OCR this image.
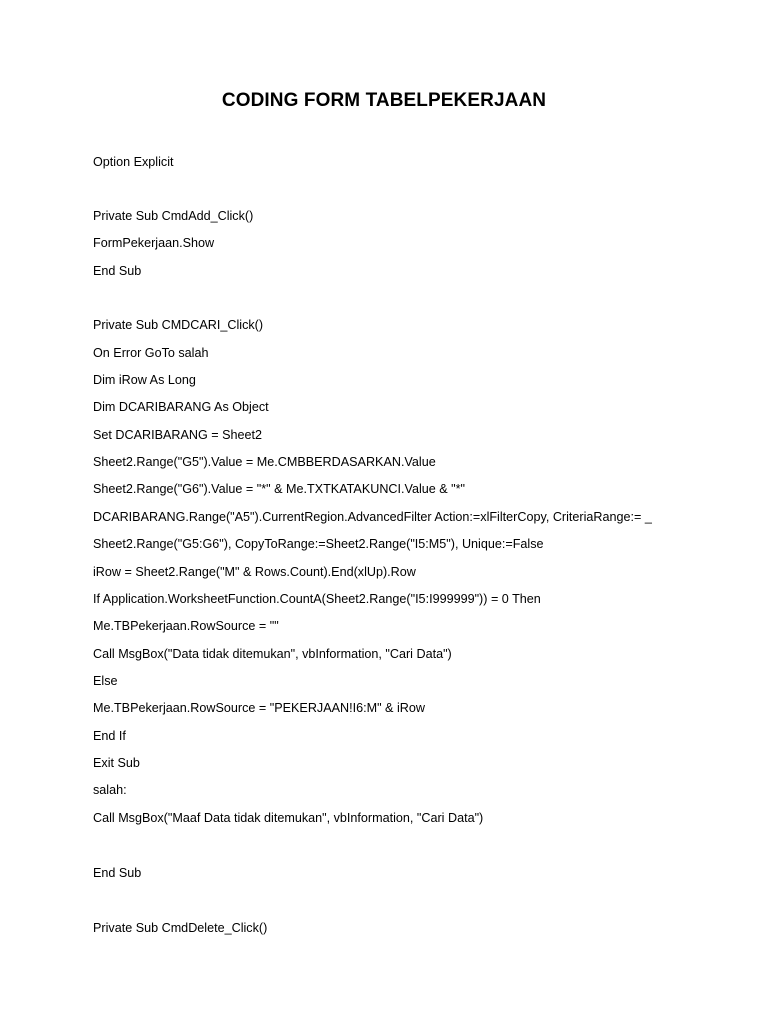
CODING FORM TABELPEKERJAAN
Option Explicit
Private Sub CmdAdd_Click()
FormPekerjaan.Show
End Sub
Private Sub CMDCARI_Click()
On Error GoTo salah
Dim iRow As Long
Dim DCARIBARANG As Object
Set DCARIBARANG = Sheet2
Sheet2.Range("G5").Value = Me.CMBBERDASARKAN.Value
Sheet2.Range("G6").Value = "*" & Me.TXTKATAKUNCI.Value & "*"
DCARIBARANG.Range("A5").CurrentRegion.AdvancedFilter Action:=xlFilterCopy, CriteriaRange:= _
Sheet2.Range("G5:G6"), CopyToRange:=Sheet2.Range("I5:M5"), Unique:=False
iRow = Sheet2.Range("M" & Rows.Count).End(xlUp).Row
If Application.WorksheetFunction.CountA(Sheet2.Range("I5:I999999")) = 0 Then
Me.TBPekerjaan.RowSource = ""
Call MsgBox("Data tidak ditemukan", vbInformation, "Cari Data")
Else
Me.TBPekerjaan.RowSource = "PEKERJAAN!I6:M" & iRow
End If
Exit Sub
salah:
Call MsgBox("Maaf Data tidak ditemukan", vbInformation, "Cari Data")
End Sub
Private Sub CmdDelete_Click()
